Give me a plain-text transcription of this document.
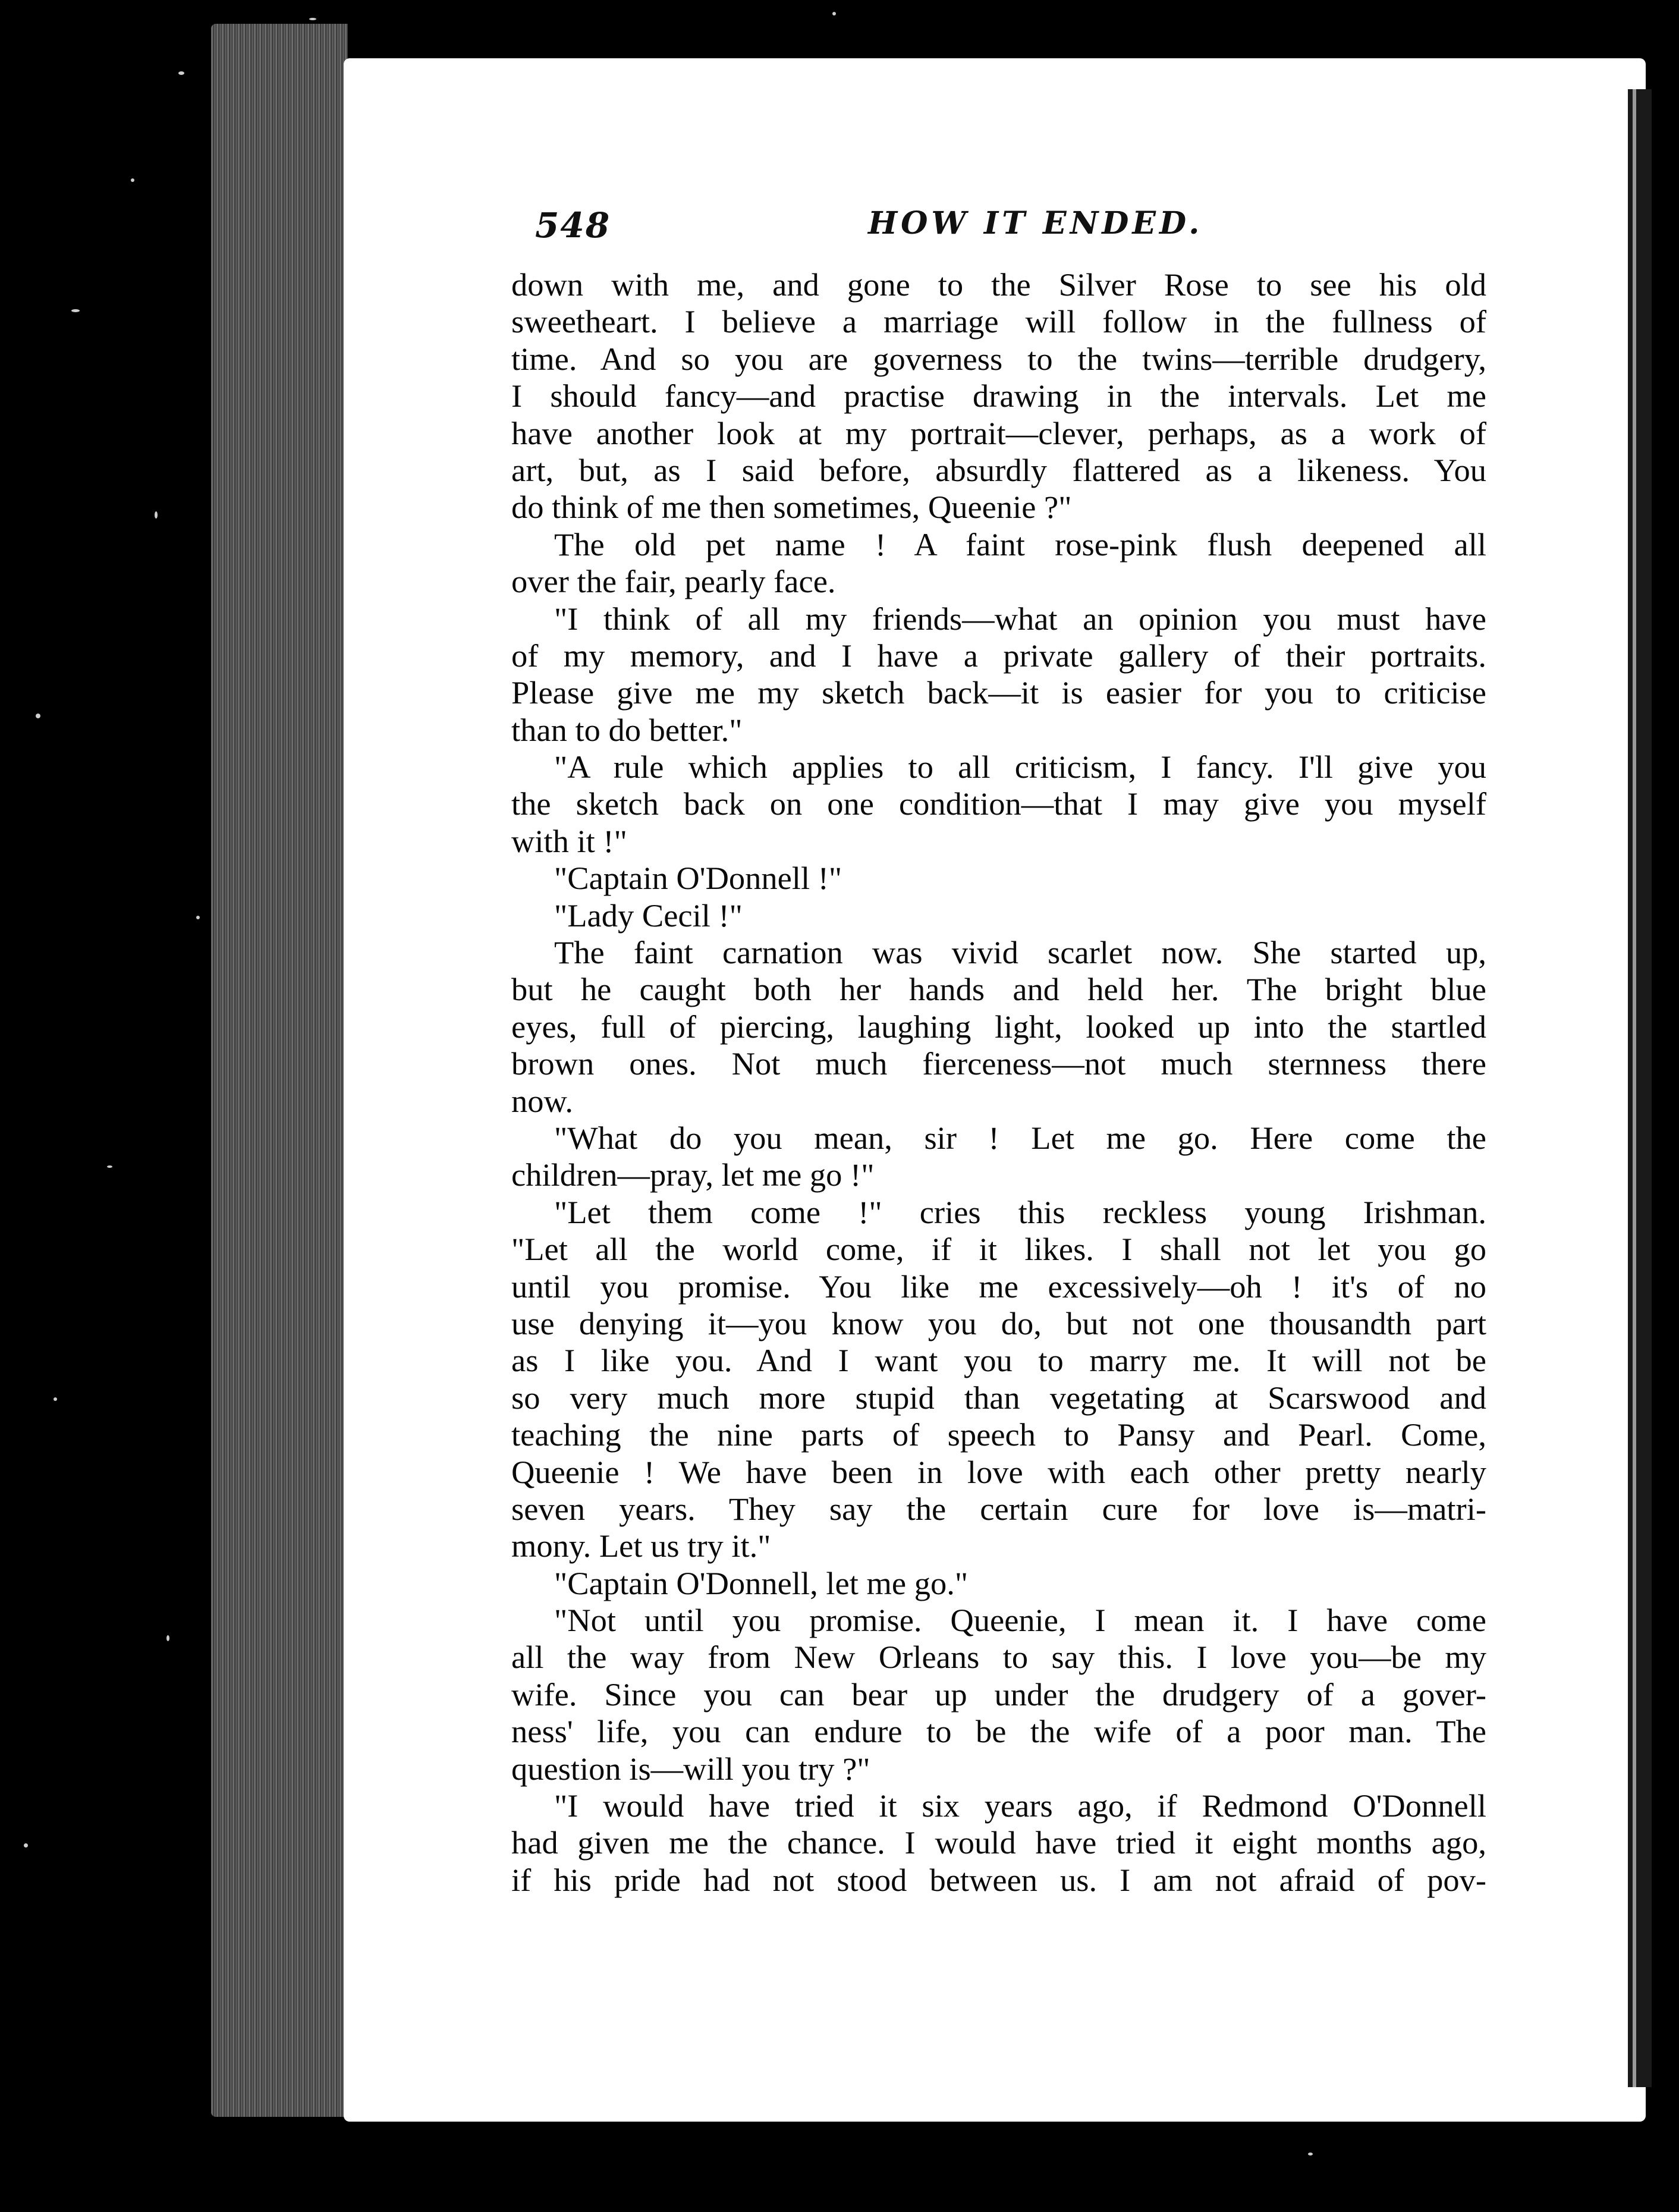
548	HOW IT ENDED.
down with me, and gone to the Silver Rose to see his old
sweetheart. I believe a marriage will follow in the fullness of
time. And so you are governess to the twins—terrible drudgery,
I should fancy—and practise drawing in the intervals. Let me
have another look at my portrait—clever, perhaps, as a work of
art, but, as I said before, absurdly flattered as a likeness. You
do think of me then sometimes, Queenie ?"
The old pet name ! A faint rose-pink flush deepened all
over the fair, pearly face.
"I think of all my friends—what an opinion you must have
of my memory, and I have a private gallery of their portraits.
Please give me my sketch back—it is easier for you to criticise
than to do better."
"A rule which applies to all criticism, I fancy. I'll give you
the sketch back on one condition—that I may give you myself
with it !"
"Captain O'Donnell !"
"Lady Cecil !"
The faint carnation was vivid scarlet now. She started up,
but he caught both her hands and held her. The bright blue
eyes, full of piercing, laughing light, looked up into the startled
brown ones. Not much fierceness—not much sternness there
now.
"What do you mean, sir ! Let me go. Here come the
children—pray, let me go !"
"Let them come !" cries this reckless young Irishman.
"Let all the world come, if it likes. I shall not let you go
until you promise. You like me excessively—oh ! it's of no
use denying it—you know you do, but not one thousandth part
as I like you. And I want you to marry me. It will not be
so very much more stupid than vegetating at Scarswood and
teaching the nine parts of speech to Pansy and Pearl. Come,
Queenie ! We have been in love with each other pretty nearly
seven years. They say the certain cure for love is—matri-
mony. Let us try it."
"Captain O'Donnell, let me go."
"Not until you promise. Queenie, I mean it. I have come
all the way from New Orleans to say this. I love you—be my
wife. Since you can bear up under the drudgery of a gover-
ness' life, you can endure to be the wife of a poor man. The
question is—will you try ?"
"I would have tried it six years ago, if Redmond O'Donnell
had given me the chance. I would have tried it eight months ago,
if his pride had not stood between us. I am not afraid of pov-
